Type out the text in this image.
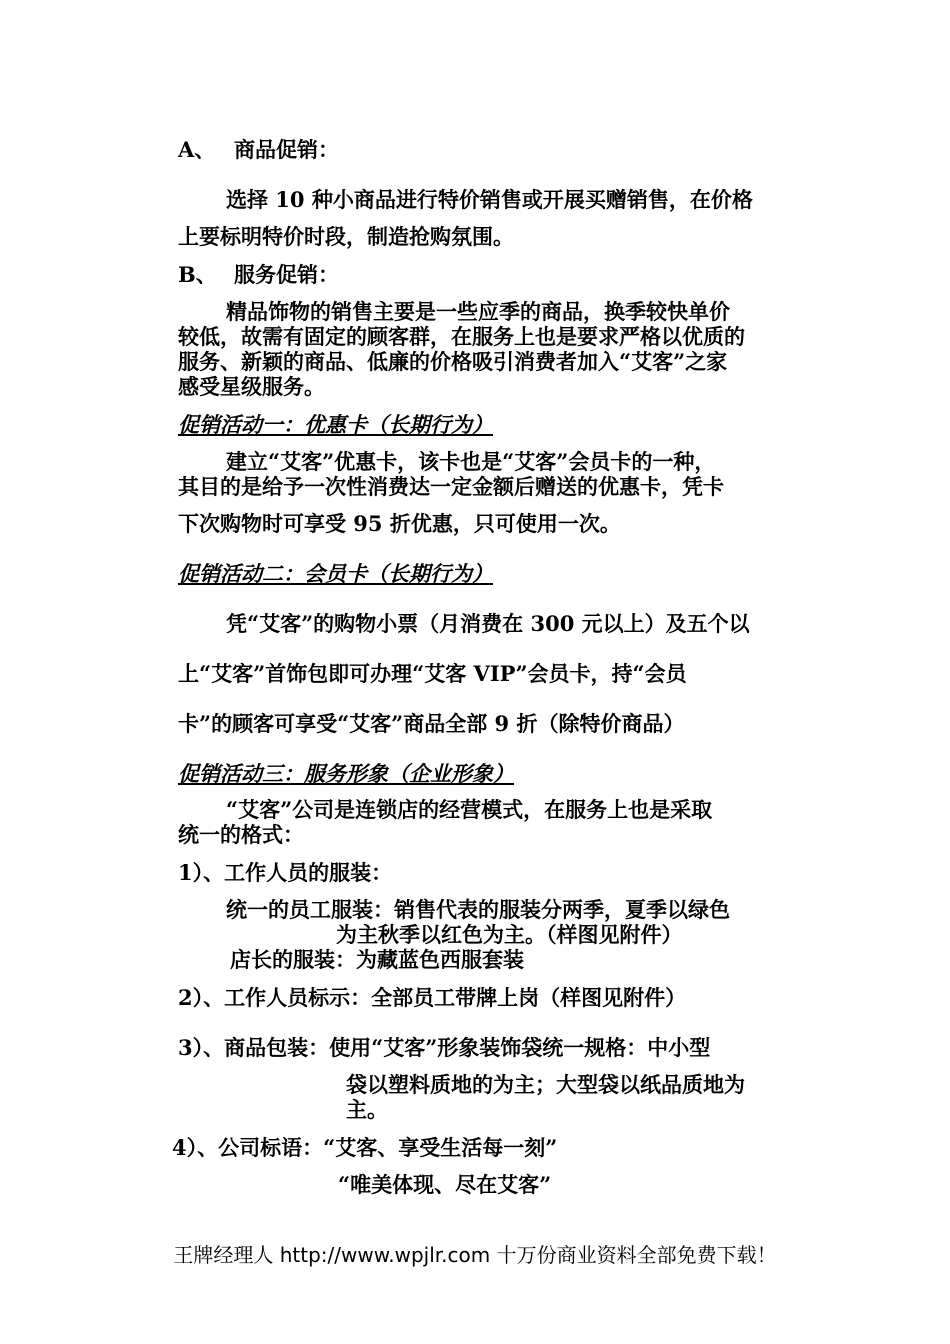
A、 商品促销：
选择 10 种小商品进行特价销售或开展买赠销售，在价格
上要标明特价时段，制造抢购氛围。
B、 服务促销：
精品饰物的销售主要是一些应季的商品，换季较快单价
较低，故需有固定的顾客群，在服务上也是要求严格以优质的
服务、新颖的商品、低廉的价格吸引消费者加入“艾客”之家
感受星级服务。
促销活动一：优惠卡（长期行为）
建立“艾客”优惠卡，该卡也是“艾客”会员卡的一种，
其目的是给予一次性消费达一定金额后赠送的优惠卡，凭卡
下次购物时可享受 95 折优惠，只可使用一次。
促销活动二：会员卡（长期行为）
凭“艾客”的购物小票（月消费在 300 元以上）及五个以
上“艾客”首饰包即可办理“艾客 VIP”会员卡，持“会员
卡”的顾客可享受“艾客”商品全部 9 折（除特价商品）
促销活动三：服务形象（企业形象）
“艾客”公司是连锁店的经营模式，在服务上也是采取
统一的格式：
1）、工作人员的服装：
统一的员工服装：销售代表的服装分两季，夏季以绿色
为主秋季以红色为主。（样图见附件）
店长的服装：为藏蓝色西服套装
2）、工作人员标示：全部员工带牌上岗（样图见附件）
3）、商品包装：使用“艾客”形象装饰袋统一规格：中小型
袋以塑料质地的为主；大型袋以纸品质地为
主。
4）、公司标语：“艾客、享受生活每一刻”
“唯美体现、尽在艾客”
王牌经理人 http://www.wpjlr.com 十万份商业资料全部免费下载！
